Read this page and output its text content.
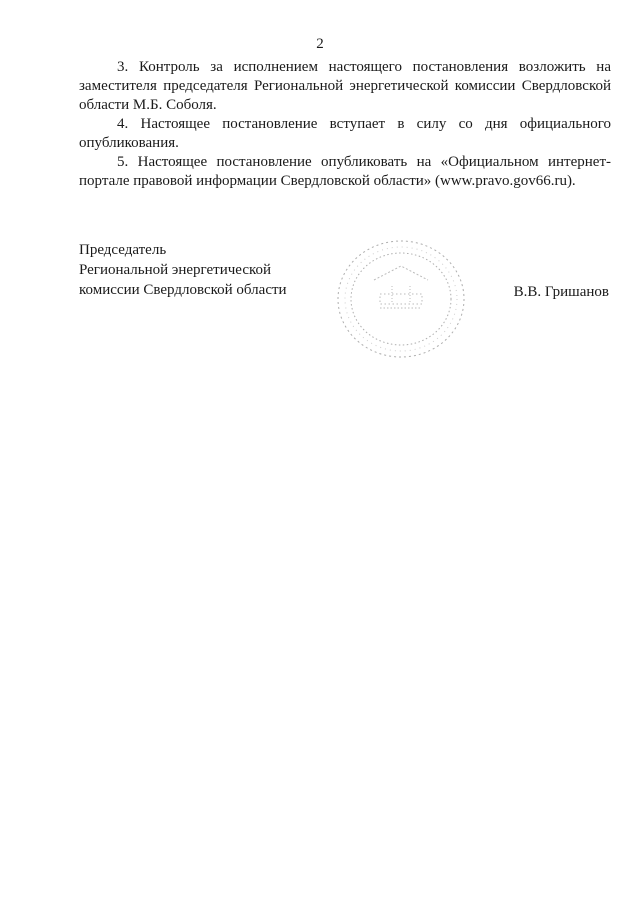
2

3. Контроль за исполнением настоящего постановления возложить на заместителя председателя Региональной энергетической комиссии Свердловской области М.Б. Соболя.

4. Настоящее постановление вступает в силу со дня официального опубликования.

5. Настоящее постановление опубликовать на «Официальном интернет-портале правовой информации Свердловской области» (www.pravo.gov66.ru).

Председатель
Региональной энергетической
комиссии Свердловской области	В.В. Гришанов
